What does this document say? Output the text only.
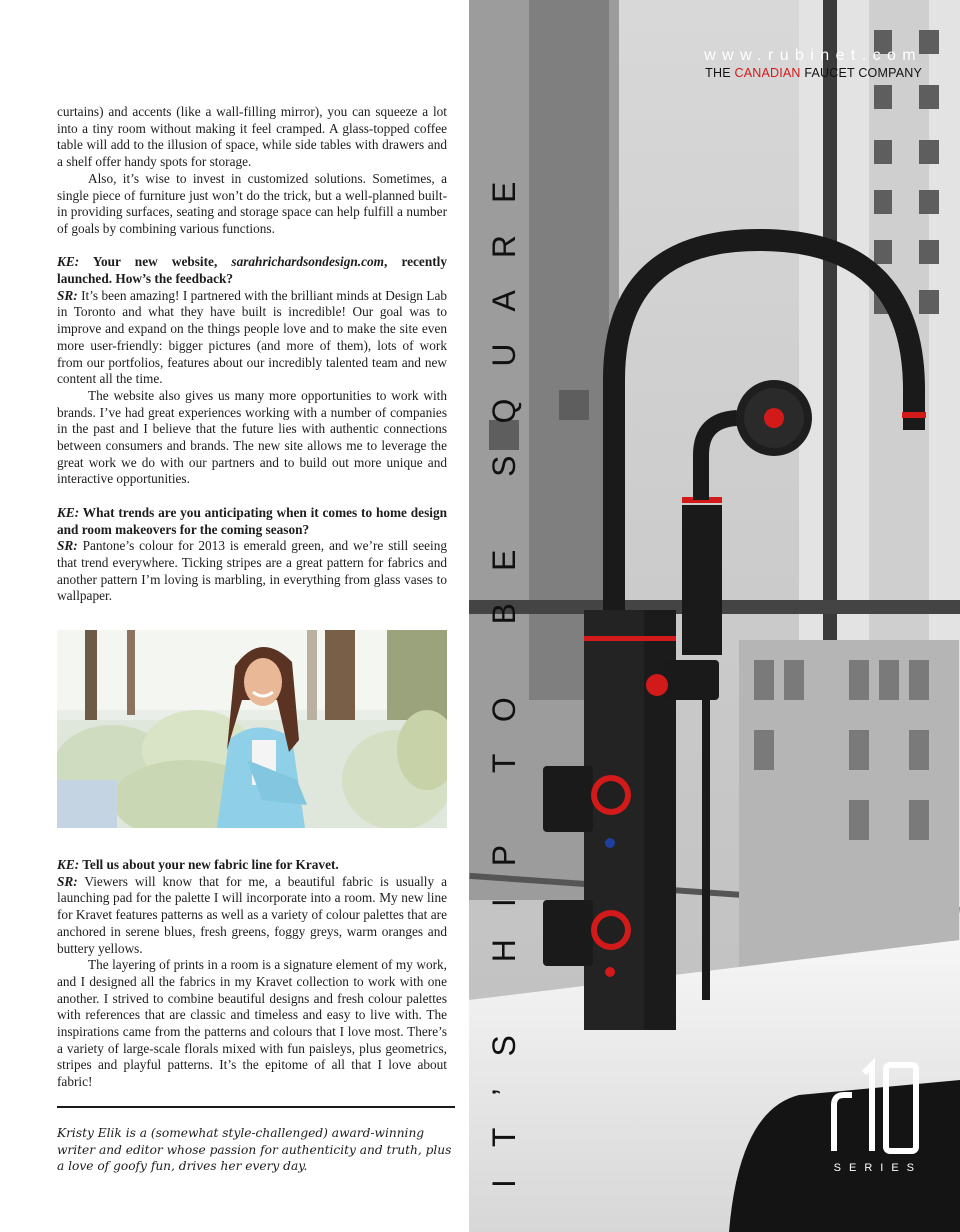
curtains) and accents (like a wall-filling mirror), you can squeeze a lot into a tiny room without making it feel cramped. A glass-topped coffee table will add to the illusion of space, while side tables with drawers and a shelf offer handy spots for storage.

Also, it’s wise to invest in customized solutions. Sometimes, a single piece of furniture just won’t do the trick, but a well-planned built-in providing surfaces, seating and storage space can help fulfill a number of goals by combining various functions.

KE: Your new website, sarahrichardsondesign.com, recently launched. How’s the feedback?

SR: It’s been amazing! I partnered with the brilliant minds at Design Lab in Toronto and what they have built is incredible! Our goal was to improve and expand on the things people love and to make the site even more user-friendly: bigger pictures (and more of them), lots of work from our portfolios, features about our incredibly talented team and new content all the time.

The website also gives us many more opportunities to work with brands. I’ve had great experiences working with a number of companies in the past and I believe that the future lies with authentic connections between consumers and brands. The new site allows me to leverage the great work we do with our partners and to build out more unique and interactive opportunities.

KE: What trends are you anticipating when it comes to home design and room makeovers for the coming season?

SR: Pantone’s colour for 2013 is emerald green, and we’re still seeing that trend everywhere. Ticking stripes are a great pattern for fabrics and another pattern I’m loving is marbling, in everything from glass vases to wallpaper.

KE: Tell us about your new fabric line for Kravet.

SR: Viewers will know that for me, a beautiful fabric is usually a launching pad for the palette I will incorporate into a room. My new line for Kravet features patterns as well as a variety of colour palettes that are anchored in serene blues, fresh greens, foggy greys, warm oranges and buttery yellows.

The layering of prints in a room is a signature element of my work, and I designed all the fabrics in my Kravet collection to work with one another. I strived to combine beautiful designs and fresh colour palettes with references that are classic and timeless and easy to live with. The inspirations came from the patterns and colours that I love most. There’s a variety of large-scale florals mixed with fun paisleys, plus geometrics, stripes and playful patterns. It’s the epitome of all that I love about fabric!

Kristy Elik is a (somewhat style-challenged) award-winning writer and editor whose passion for authenticity and truth, plus a love of goofy fun, drives her every day.

www.rubinet.com
THE CANADIAN FAUCET COMPANY
IT’S HIP TO BE SQUARE	SERIES
